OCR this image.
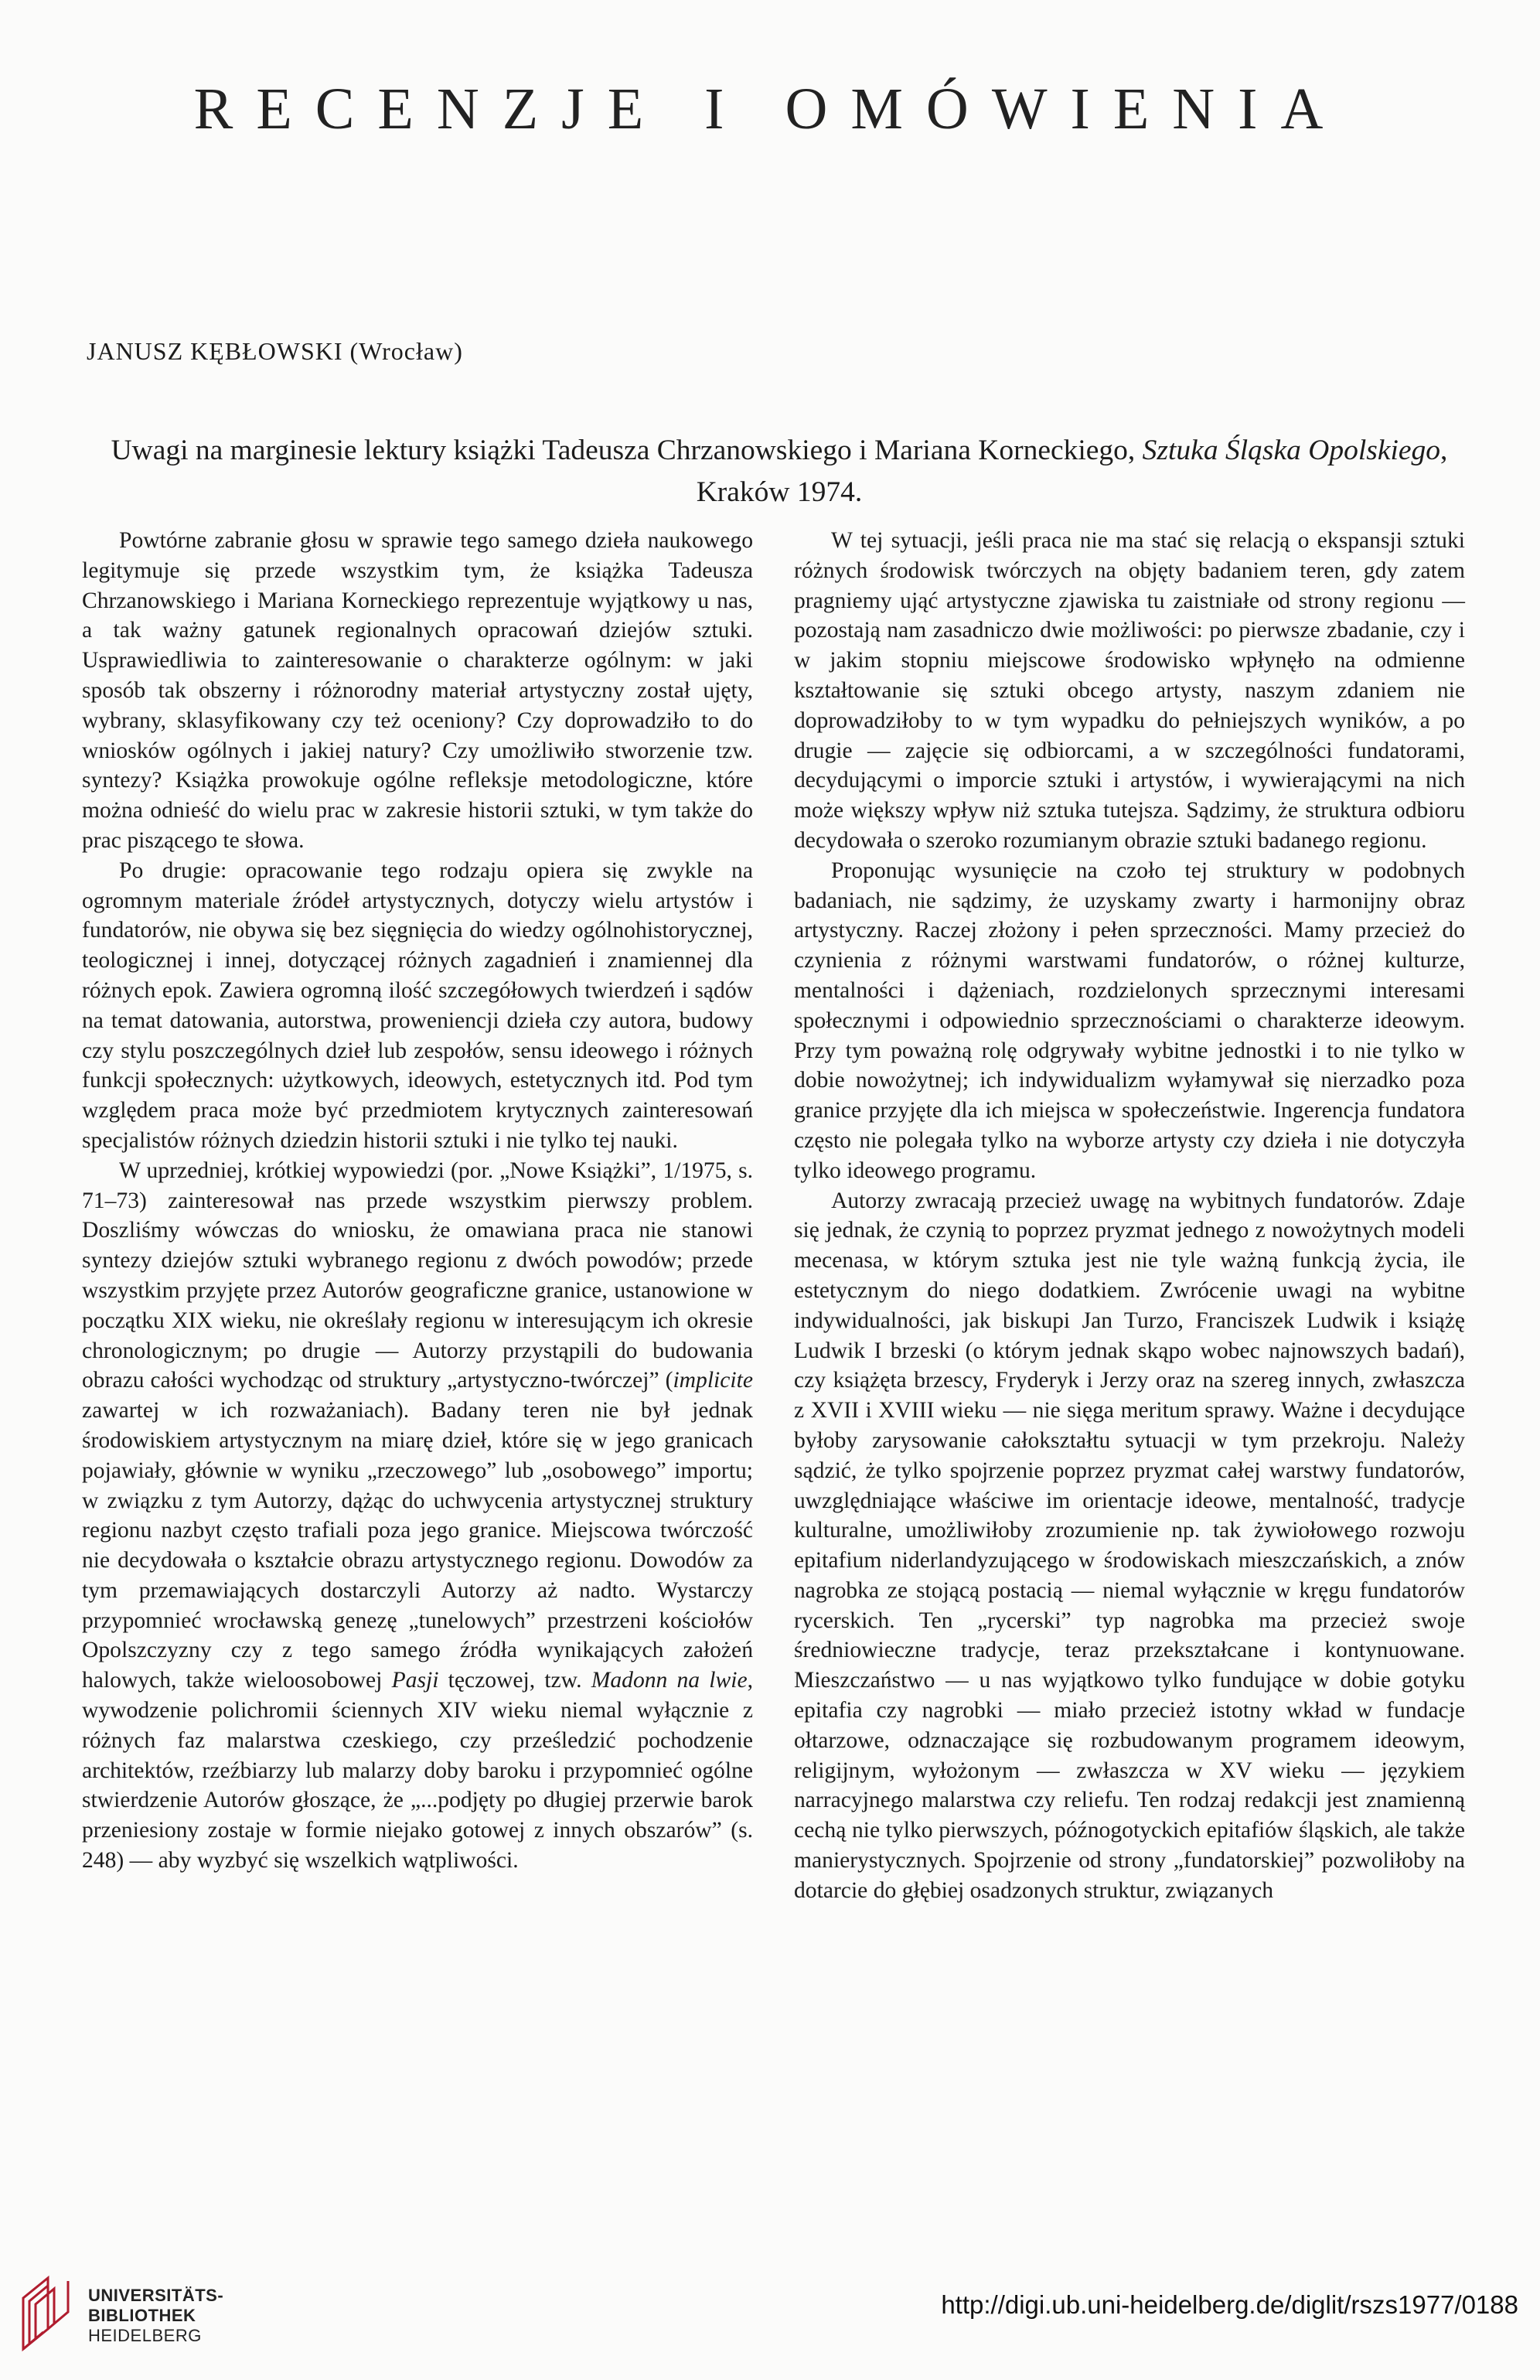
RECENZJE I OMÓWIENIA
JANUSZ KĘBŁOWSKI (Wrocław)
Uwagi na marginesie lektury książki Tadeusza Chrzanowskiego i Mariana Korneckiego, Sztuka Śląska Opolskiego, Kraków 1974.

Powtórne zabranie głosu w sprawie tego samego dzieła naukowego legitymuje się przede wszystkim tym, że książka Tadeusza Chrzanowskiego i Mariana Korneckiego reprezentuje wyjątkowy u nas, a tak ważny gatunek regionalnych opracowań dziejów sztuki. Usprawiedliwia to zainteresowanie o charakterze ogólnym: w jaki sposób tak obszerny i różnorodny materiał artystyczny został ujęty, wybrany, sklasyfikowany czy też oceniony? Czy doprowadziło to do wniosków ogólnych i jakiej natury? Czy umożliwiło stworzenie tzw. syntezy? Książka prowokuje ogólne refleksje metodologiczne, które można odnieść do wielu prac w zakresie historii sztuki, w tym także do prac piszącego te słowa.

Po drugie: opracowanie tego rodzaju opiera się zwykle na ogromnym materiale źródeł artystycznych, dotyczy wielu artystów i fundatorów, nie obywa się bez sięgnięcia do wiedzy ogólnohistorycznej, teologicznej i innej, dotyczącej różnych zagadnień i znamiennej dla różnych epok. Zawiera ogromną ilość szczegółowych twierdzeń i sądów na temat datowania, autorstwa, proweniencji dzieła czy autora, budowy czy stylu poszczególnych dzieł lub zespołów, sensu ideowego i różnych funkcji społecznych: użytkowych, ideowych, estetycznych itd. Pod tym względem praca może być przedmiotem krytycznych zainteresowań specjalistów różnych dziedzin historii sztuki i nie tylko tej nauki.

W uprzedniej, krótkiej wypowiedzi (por. „Nowe Książki”, 1/1975, s. 71–73) zainteresował nas przede wszystkim pierwszy problem. Doszliśmy wówczas do wniosku, że omawiana praca nie stanowi syntezy dziejów sztuki wybranego regionu z dwóch powodów; przede wszystkim przyjęte przez Autorów geograficzne granice, ustanowione w początku XIX wieku, nie określały regionu w interesującym ich okresie chronologicznym; po drugie — Autorzy przystąpili do budowania obrazu całości wychodząc od struktury „artystyczno-twórczej” (implicite zawartej w ich rozważaniach). Badany teren nie był jednak środowiskiem artystycznym na miarę dzieł, które się w jego granicach pojawiały, głównie w wyniku „rzeczowego” lub „osobowego” importu; w związku z tym Autorzy, dążąc do uchwycenia artystycznej struktury regionu nazbyt często trafiali poza jego granice. Miejscowa twórczość nie decydowała o kształcie obrazu artystycznego regionu. Dowodów za tym przemawiających dostarczyli Autorzy aż nadto. Wystarczy przypomnieć wrocławską genezę „tunelowych” przestrzeni kościołów Opolszczyzny czy z tego samego źródła wynikających założeń halowych, także wieloosobowej Pasji tęczowej, tzw. Madonn na lwie, wywodzenie polichromii ściennych XIV wieku niemal wyłącznie z różnych faz malarstwa czeskiego, czy prześledzić pochodzenie architektów, rzeźbiarzy lub malarzy doby baroku i przypomnieć ogólne stwierdzenie Autorów głoszące, że „...podjęty po długiej przerwie barok przeniesiony zostaje w formie niejako gotowej z innych obszarów” (s. 248) — aby wyzbyć się wszelkich wątpliwości.

W tej sytuacji, jeśli praca nie ma stać się relacją o ekspansji sztuki różnych środowisk twórczych na objęty badaniem teren, gdy zatem pragniemy ująć artystyczne zjawiska tu zaistniałe od strony regionu — pozostają nam zasadniczo dwie możliwości: po pierwsze zbadanie, czy i w jakim stopniu miejscowe środowisko wpłynęło na odmienne kształtowanie się sztuki obcego artysty, naszym zdaniem nie doprowadziłoby to w tym wypadku do pełniejszych wyników, a po drugie — zajęcie się odbiorcami, a w szczególności fundatorami, decydującymi o imporcie sztuki i artystów, i wywierającymi na nich może większy wpływ niż sztuka tutejsza. Sądzimy, że struktura odbioru decydowała o szeroko rozumianym obrazie sztuki badanego regionu.

Proponując wysunięcie na czoło tej struktury w podobnych badaniach, nie sądzimy, że uzyskamy zwarty i harmonijny obraz artystyczny. Raczej złożony i pełen sprzeczności. Mamy przecież do czynienia z różnymi warstwami fundatorów, o różnej kulturze, mentalności i dążeniach, rozdzielonych sprzecznymi interesami społecznymi i odpowiednio sprzecznościami o charakterze ideowym. Przy tym poważną rolę odgrywały wybitne jednostki i to nie tylko w dobie nowożytnej; ich indywidualizm wyłamywał się nierzadko poza granice przyjęte dla ich miejsca w społeczeństwie. Ingerencja fundatora często nie polegała tylko na wyborze artysty czy dzieła i nie dotyczyła tylko ideowego programu.

Autorzy zwracają przecież uwagę na wybitnych fundatorów. Zdaje się jednak, że czynią to poprzez pryzmat jednego z nowożytnych modeli mecenasa, w którym sztuka jest nie tyle ważną funkcją życia, ile estetycznym do niego dodatkiem. Zwrócenie uwagi na wybitne indywidualności, jak biskupi Jan Turzo, Franciszek Ludwik i książę Ludwik I brzeski (o którym jednak skąpo wobec najnowszych badań), czy książęta brzescy, Fryderyk i Jerzy oraz na szereg innych, zwłaszcza z XVII i XVIII wieku — nie sięga meritum sprawy. Ważne i decydujące byłoby zarysowanie całokształtu sytuacji w tym przekroju. Należy sądzić, że tylko spojrzenie poprzez pryzmat całej warstwy fundatorów, uwzględniające właściwe im orientacje ideowe, mentalność, tradycje kulturalne, umożliwiłoby zrozumienie np. tak żywiołowego rozwoju epitafium niderlandyzującego w środowiskach mieszczańskich, a znów nagrobka ze stojącą postacią — niemal wyłącznie w kręgu fundatorów rycerskich. Ten „rycerski” typ nagrobka ma przecież swoje średniowieczne tradycje, teraz przekształcane i kontynuowane. Mieszczaństwo — u nas wyjątkowo tylko fundujące w dobie gotyku epitafia czy nagrobki — miało przecież istotny wkład w fundacje ołtarzowe, odznaczające się rozbudowanym programem ideowym, religijnym, wyłożonym — zwłaszcza w XV wieku — językiem narracyjnego malarstwa czy reliefu. Ten rodzaj redakcji jest znamienną cechą nie tylko pierwszych, późnogotyckich epitafiów śląskich, ale także manierystycznych. Spojrzenie od strony „fundatorskiej” pozwoliłoby na dotarcie do głębiej osadzonych struktur, związanych

UNIVERSITÄTS-
BIBLIOTHEK
HEIDELBERG
http://digi.ub.uni-heidelberg.de/diglit/rszs1977/0188
